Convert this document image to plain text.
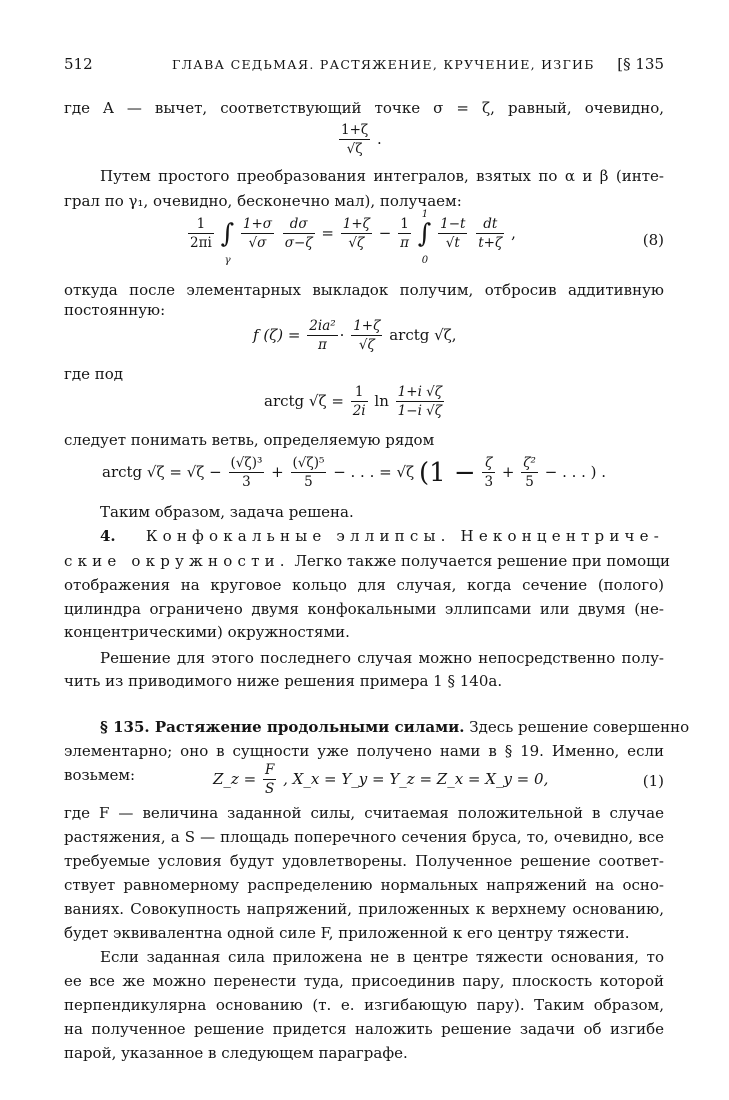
512	ГЛАВА СЕДЬМАЯ. РАСТЯЖЕНИЕ, КРУЧЕНИЕ, ИЗГИБ [§ 135
где A — вычет, соответствующий точке σ = ζ, равный, очевидно,
$\frac{1+\zeta}{√\zeta}$ .
Путем простого преобразования интегралов, взятых по α и β (инте-
грал по γ₁, очевидно, бесконечно мал), получаем:
$\frac{1}{2\pi i}$ ∫
γ

$\frac{1+\sigma}{√\sigma}$
$\frac{d\sigma}{\sigma-\zeta} = \frac{1+\zeta}{√\zeta} - \frac{1}{\pi}$ ∫
1
0

$\frac{1-t}{√t}$
$\frac{dt}{t+\zeta}$ ,	(8)
откуда после элементарных выкладок получим, отбросив аддитивную
постоянную:
f $(\zeta) = \frac{\text{2ia²}}{\pi} \cdot \frac{1+\zeta}{√\zeta}$ arctg √ζ,
где под
arctg $√\zeta = \frac{1}{2i}$ $\ln \frac{1+i √\zeta}{1-i √\zeta}$
следует понимать ветвь, определяемую рядом
arctg $√\zeta = √\zeta - \frac{\text{(√ζ)³}}{3} + \frac{\text{(√ζ)⁵}}{5}$ − . . . = √ζ ($1 - \frac{\zeta}{3} + \frac{\text{ζ²}}{5}$ − . . . ) .
Таким образом, задача решена.
4. Конфокальные эллипсы. Неконцентриче-
ские окружности. Легко также получается решение при помощи
отображения на круговое кольцо для случая, когда сечение (полого)
цилиндра ограничено двумя конфокальными эллипсами или двумя (не-
концентрическими) окружностями.
Решение для этого последнего случая можно непосредственно полу-
чить из приводимого ниже решения примера 1 § 140a.
§ 135. Растяжение продольными силами. Здесь решение совершенно
элементарно; оно в сущности уже получено нами в § 19. Именно, если
возьмем:	Z_z = $\frac{F}{S}$ , X_x = Y_y = Y_z = Z_x = X_y = 0,	(1)
где F — величина заданной силы, считаемая положительной в случае
растяжения, а S — площадь поперечного сечения бруса, то, очевидно, все
требуемые условия будут удовлетворены. Полученное решение соответ-
ствует равномерному распределению нормальных напряжений на осно-
ваниях. Совокупность напряжений, приложенных к верхнему основанию,
будет эквивалентна одной силе F, приложенной к его центру тяжести.
Если заданная сила приложена не в центре тяжести основания, то
ее все же можно перенести туда, присоединив пару, плоскость которой
перпендикулярна основанию (т. е. изгибающую пару). Таким образом,
на полученное решение придется наложить решение задачи об изгибе
парой, указанное в следующем параграфе.
